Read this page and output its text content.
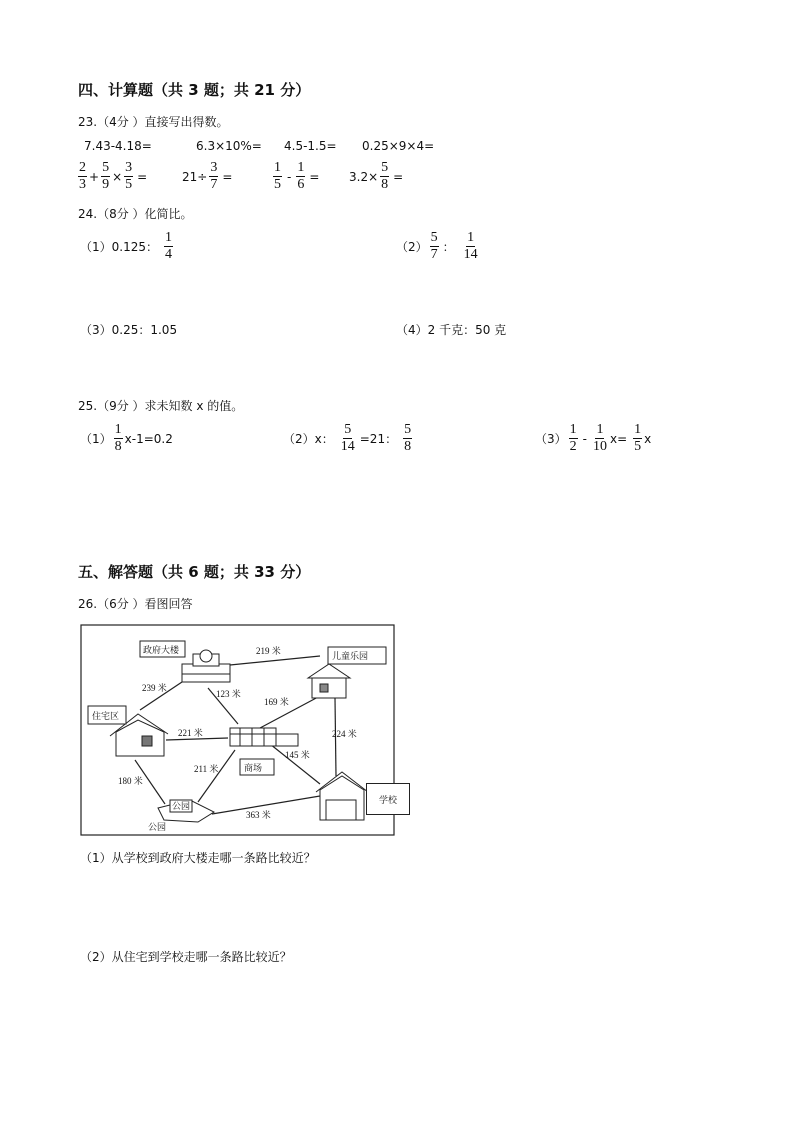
四、计算题（共 3 题；共 21 分）
23.（4分 ）直接写出得数。
7.43-4.18=	6.3×10%= 4.5-1.5= 0.25×9×4=
$\frac{2}{3} + \frac{5}{9} \times \frac{3}{5}$ =	$21\div \frac{3}{7}$ =	$\frac{1}{5} - \frac{1}{6} = 3.2\times \frac{5}{8}$ =
24.（8分 ）化简比。
（1）0.125： $\frac{1}{4}$	$(2) \frac{5}{7}$ ： $\frac{1}{14}$
（3）0.25：1.05	（4）2 千克：50 克
25.（9分 ）求未知数 x 的值。
$(1) \frac{1}{8} x-1=0.2$	（2）x： $\frac{5}{14} =21$： $\frac{5}{8}$	$(3) \frac{1}{2} - \frac{1}{10} x= \frac{1}{5}$ x
五、解答题（共 6 题；共 33 分）
26.（6分 ）看图回答
政府大楼
儿童乐园
住宅区
商场
公园
公园
219 米
239 米
123 米
169 米
221 米	224 米
211 米
145 米
180 米
363 米
学校
（1）从学校到政府大楼走哪一条路比较近？
（2）从住宅到学校走哪一条路比较近？
